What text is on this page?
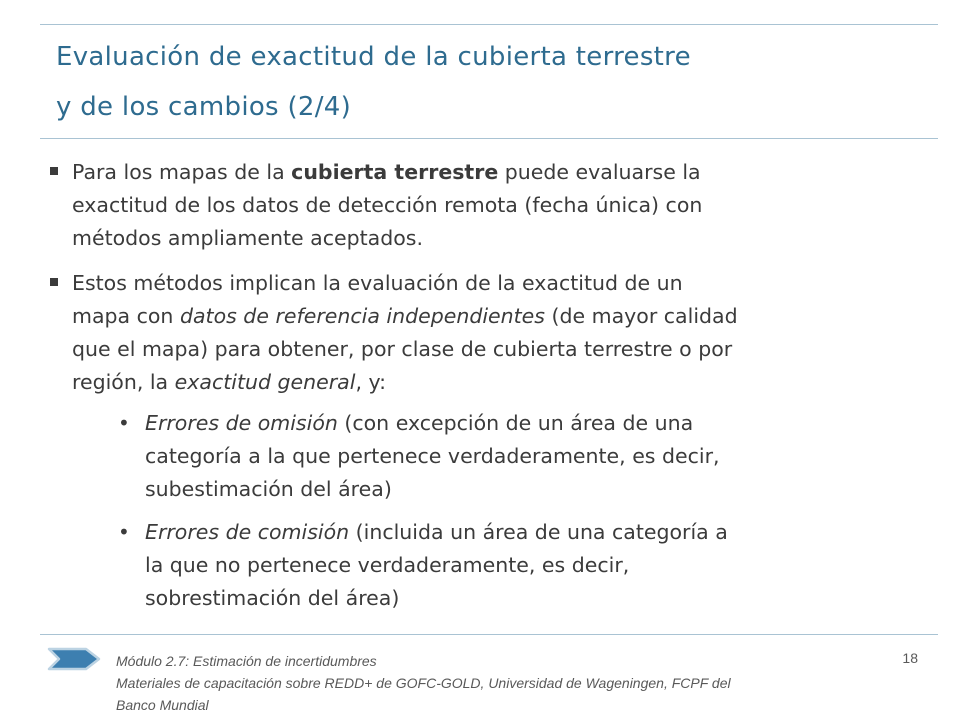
Evaluación de exactitud de la cubierta terrestre
y de los cambios (2/4)
Para los mapas de la cubierta terrestre puede evaluarse la
exactitud de los datos de detección remota (fecha única) con
métodos ampliamente aceptados.
Estos métodos implican la evaluación de la exactitud de un
mapa con datos de referencia independientes (de mayor calidad
que el mapa) para obtener, por clase de cubierta terrestre o por
región, la exactitud general, y:
• Errores de omisión (con excepción de un área de una
categoría a la que pertenece verdaderamente, es decir,
subestimación del área)
• Errores de comisión (incluida un área de una categoría a
la que no pertenece verdaderamente, es decir,
sobrestimación del área)
Módulo 2.7: Estimación de incertidumbres
Materiales de capacitación sobre REDD+ de GOFC-GOLD, Universidad de Wageningen, FCPF del
Banco Mundial
18
